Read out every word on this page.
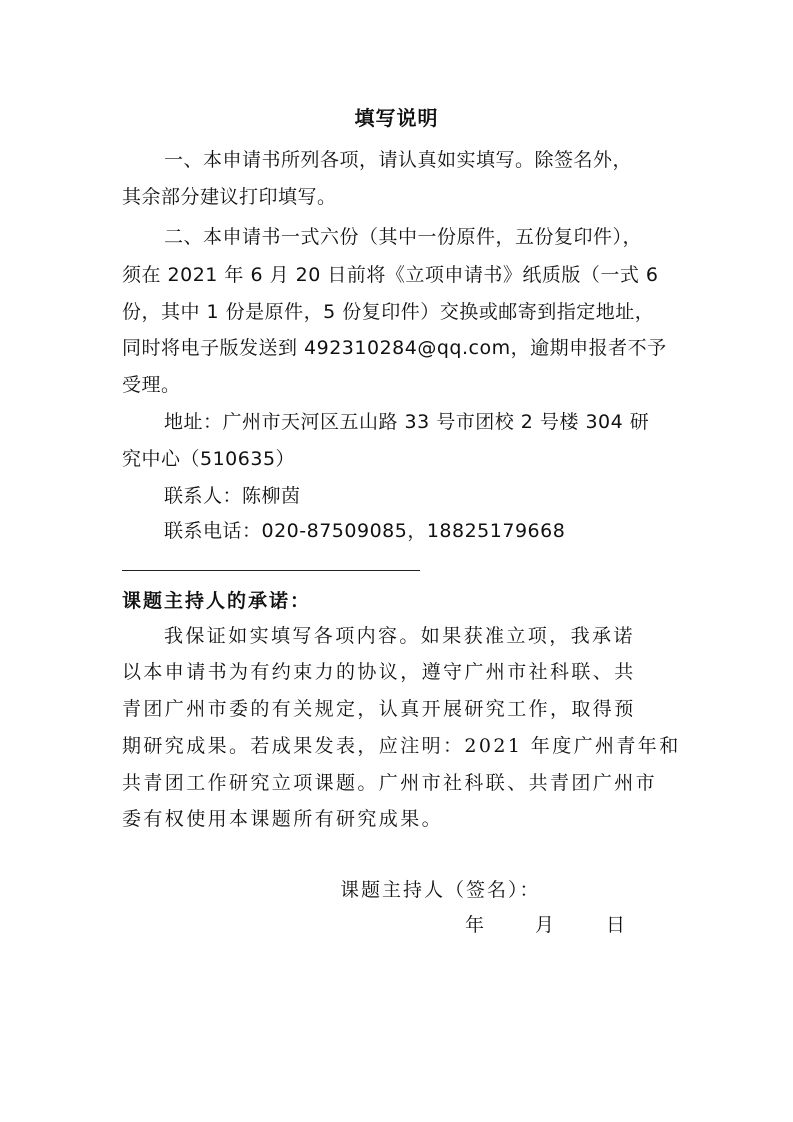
填写说明
一、本申请书所列各项，请认真如实填写。除签名外，
其余部分建议打印填写。
二、本申请书一式六份（其中一份原件，五份复印件），
须在 2021 年 6 月 20 日前将《立项申请书》纸质版（一式 6
份，其中 1 份是原件，5 份复印件）交换或邮寄到指定地址，
同时将电子版发送到 492310284@qq.com，逾期申报者不予
受理。
地址：广州市天河区五山路 33 号市团校 2 号楼 304 研
究中心（510635）
联系人：陈柳茵
联系电话：020-87509085，18825179668
课题主持人的承诺：
我保证如实填写各项内容。如果获准立项，我承诺
以本申请书为有约束力的协议，遵守广州市社科联、共
青团广州市委的有关规定，认真开展研究工作，取得预
期研究成果。若成果发表，应注明：2021 年度广州青年和
共青团工作研究立项课题。广州市社科联、共青团广州市
委有权使用本课题所有研究成果。
课题主持人（签名）：
年	月	日
